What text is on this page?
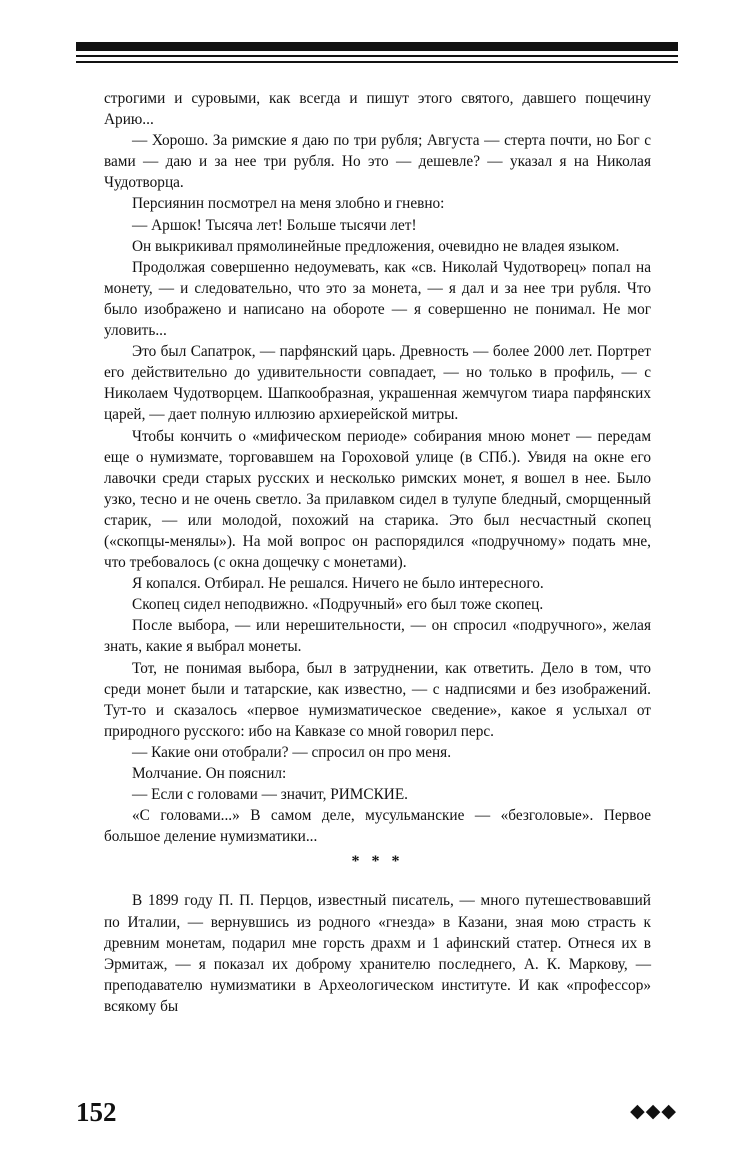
строгими и суровыми, как всегда и пишут этого святого, давшего пощечину Арию...

— Хорошо. За римские я даю по три рубля; Августа — стерта почти, но Бог с вами — даю и за нее три рубля. Но это — дешевле? — указал я на Николая Чудотворца.

Персиянин посмотрел на меня злобно и гневно:

— Аршок! Тысяча лет! Больше тысячи лет!

Он выкрикивал прямолинейные предложения, очевидно не владея языком.

Продолжая совершенно недоумевать, как «св. Николай Чудотворец» попал на монету, — и следовательно, что это за монета, — я дал и за нее три рубля. Что было изображено и написано на обороте — я совершенно не понимал. Не мог уловить...

Это был Сапатрок, — парфянский царь. Древность — более 2000 лет. Портрет его действительно до удивительности совпадает, — но только в профиль, — с Николаем Чудотворцем. Шапкообразная, украшенная жемчугом тиара парфянских царей, — дает полную иллюзию архиерейской митры.

Чтобы кончить о «мифическом периоде» собирания мною монет — передам еще о нумизмате, торговавшем на Гороховой улице (в СПб.). Увидя на окне его лавочки среди старых русских и несколько римских монет, я вошел в нее. Было узко, тесно и не очень светло. За прилавком сидел в тулупе бледный, сморщенный старик, — или молодой, похожий на старика. Это был несчастный скопец («скопцы-менялы»). На мой вопрос он распорядился «подручному» подать мне, что требовалось (с окна дощечку с монетами).

Я копался. Отбирал. Не решался. Ничего не было интересного.

Скопец сидел неподвижно. «Подручный» его был тоже скопец.

После выбора, — или нерешительности, — он спросил «подручного», желая знать, какие я выбрал монеты.

Тот, не понимая выбора, был в затруднении, как ответить. Дело в том, что среди монет были и татарские, как известно, — с надписями и без изображений. Тут-то и сказалось «первое нумизматическое сведение», какое я услыхал от природного русского: ибо на Кавказе со мной говорил перс.

— Какие они отобрали? — спросил он про меня.

Молчание. Он пояснил:

— Если с головами — значит, РИМСКИЕ.

«С головами...» В самом деле, мусульманские — «безголовые». Первое большое деление нумизматики...

* * *

В 1899 году П. П. Перцов, известный писатель, — много путешествовавший по Италии, — вернувшись из родного «гнезда» в Казани, зная мою страсть к древним монетам, подарил мне горсть драхм и 1 афинский статер. Отнеся их в Эрмитаж, — я показал их доброму хранителю последнего, А. К. Маркову, — преподавателю нумизматики в Археологическом институте. И как «профессор» всякому бы

152	◆◆◆
